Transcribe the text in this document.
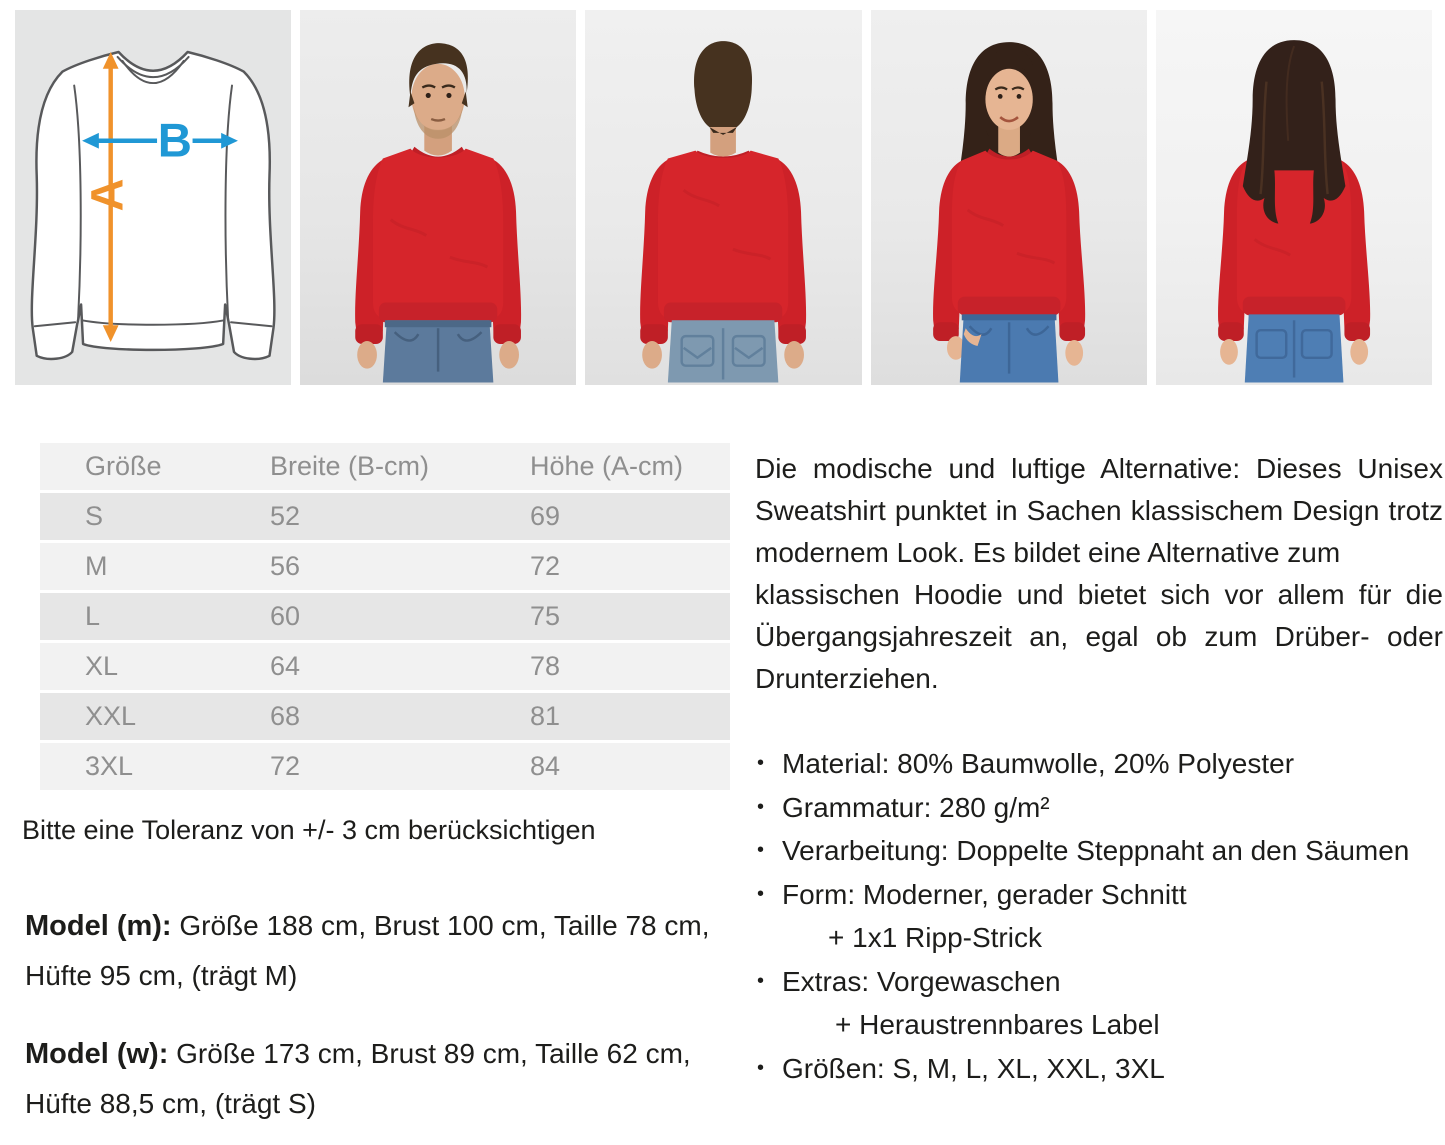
A
B
Größe	Breite (B-cm)	Höhe (A-cm)
S	52	69
M	56	72
L	60	75
XL	64	78
XXL	68	81
3XL	72	84
Bitte eine Toleranz von +/- 3 cm berücksichtigen

Model (m): Größe 188 cm, Brust 100 cm, Taille 78 cm, Hüfte 95 cm, (trägt M)

Model (w): Größe 173 cm, Brust 89 cm, Taille 62 cm, Hüfte 88,5 cm, (trägt S)

Die modische und luftige Alternative: Dieses Unisex
Sweatshirt punktet in Sachen klassischem Design trotz
modernem Look. Es bildet eine Alternative zum
klassischen Hoodie und bietet sich vor allem für die
Übergangsjahreszeit an, egal ob zum Drüber- oder
Drunterziehen.
• Material: 80% Baumwolle, 20% Polyester
• Grammatur: 280 g/m²
• Verarbeitung: Doppelte Steppnaht an den Säumen
• Form: Moderner, gerader Schnitt
+ 1x1 Ripp-Strick
• Extras: Vorgewaschen
+ Heraustrennbares Label
• Größen: S, M, L, XL, XXL, 3XL
